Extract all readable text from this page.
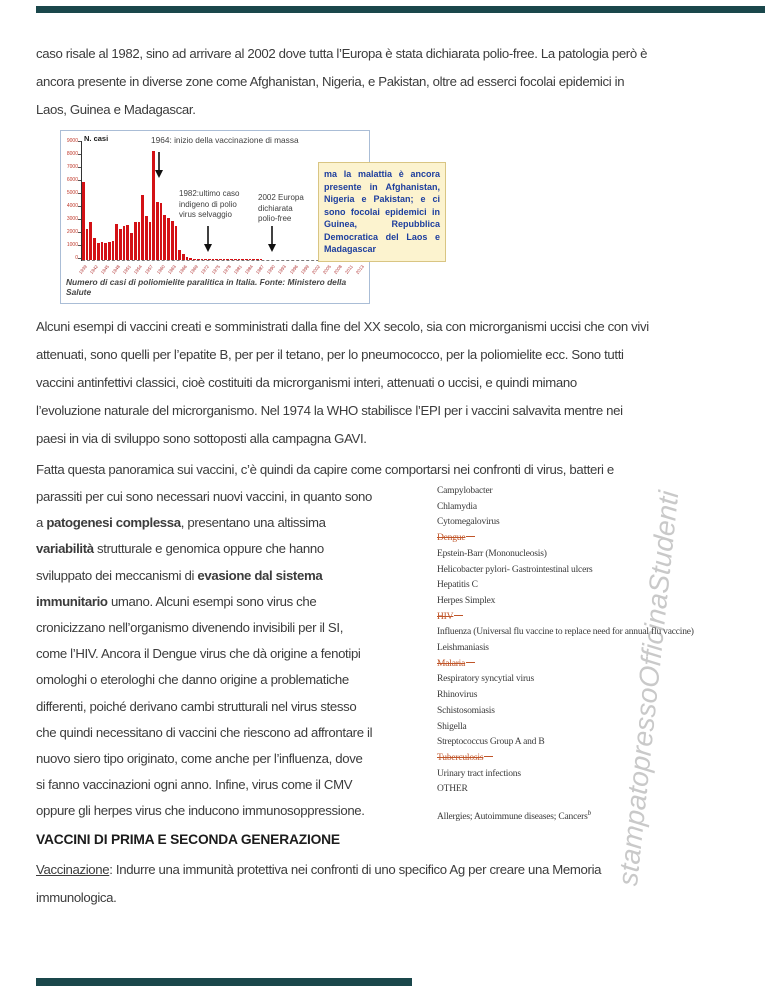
stampatopressoOfficinaStudenti
caso risale al 1982, sino ad arrivare al 2002 dove tutta l’Europa è stata dichiarata polio-free. La patologia però è
ancora presente in diverse zone come Afghanistan, Nigeria, e Pakistan, oltre ad esserci focolai epidemici in
Laos, Guinea e Madagascar.
N. casi	1964: inizio della vaccinazione di massa
1982:ultimo caso
indigeno di polio
virus selvaggio
2002 Europa
dichiarata
polio-free
9000
8000
7000
6000
5000
4000
3000
2000
1000
0
1939 1942 1945 1948 1951 1954 1957 1960 1963 1966 1969 1972 1975 1978 1981 1984 1987 1990 1993 1996 1999 2002 2005 2008 2011 2013
Numero di casi di poliomielite paralitica in Italia. Fonte: Ministero della Salute
ma la malattia è ancora presente in Afghanistan, Nigeria e Pakistan; e ci sono focolai epidemici in Guinea, Repubblica Democratica del Laos e Madagascar
Alcuni esempi di vaccini creati e somministrati dalla fine del XX secolo, sia con microrganismi uccisi che con vivi
attenuati, sono quelli per l’epatite B, per per il tetano, per lo pneumococco, per la poliomielite ecc. Sono tutti
vaccini antinfettivi classici, cioè costituiti da microrganismi interi, attenuati o uccisi, e quindi mimano
l’evoluzione naturale del microrganismo. Nel 1974 la WHO stabilisce l’EPI per i vaccini salvavita mentre nei
paesi in via di sviluppo sono sottoposti alla campagna GAVI.
Fatta questa panoramica sui vaccini, c’è quindi da capire come comportarsi nei confronti di virus, batteri e
parassiti per cui sono necessari nuovi vaccini, in quanto sono
a patogenesi complessa, presentano una altissima
variabilità strutturale e genomica oppure che hanno
sviluppato dei meccanismi di evasione dal sistema
immunitario umano. Alcuni esempi sono virus che
cronicizzano nell’organismo divenendo invisibili per il SI,
come l’HIV. Ancora il Dengue virus che dà origine a fenotipi
omologhi o eterologhi che danno origine a problematiche
differenti, poiché derivano cambi strutturali nel virus stesso
che quindi necessitano di vaccini che riescono ad affrontare il
nuovo siero tipo originato, come anche per l’influenza, dove
si fanno vaccinazioni ogni anno. Infine, virus come il CMV
oppure gli herpes virus che inducono immunosoppressione.
Campylobacter
Chlamydia
Cytomegalovirus
Dengue
Epstein-Barr (Mononucleosis)
Helicobacter pylori- Gastrointestinal ulcers
Hepatitis C
Herpes Simplex
HIV
Influenza (Universal flu vaccine to replace need for annual flu vaccine)
Leishmaniasis
Malaria
Respiratory syncytial virus
Rhinovirus
Schistosomiasis
Shigella
Streptococcus Group A and B
Tuberculosis
Urinary tract infections
OTHER
Allergies; Autoimmune diseases; Cancers$^b$
VACCINI DI PRIMA E SECONDA GENERAZIONE
Vaccinazione: Indurre una immunità protettiva nei confronti di uno specifico Ag per creare una Memoria
immunologica.
